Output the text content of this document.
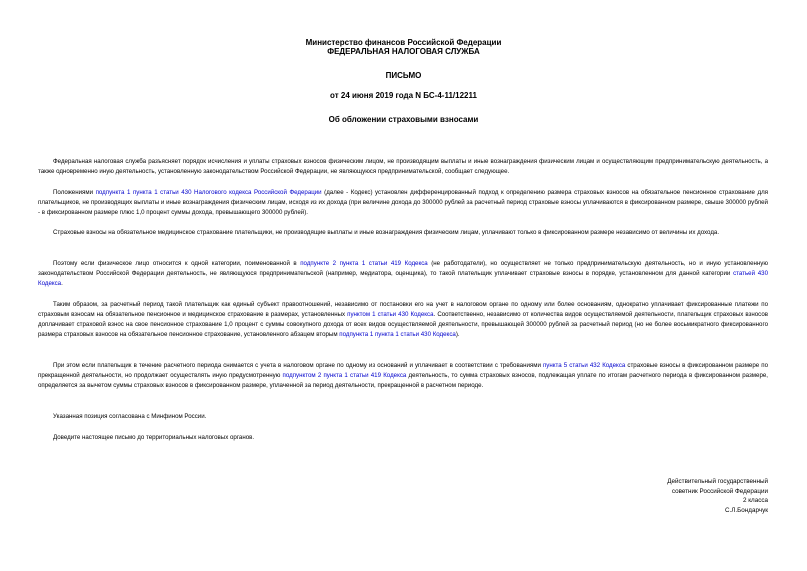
Министерство финансов Российской Федерации
ФЕДЕРАЛЬНАЯ НАЛОГОВАЯ СЛУЖБА
ПИСЬМО
от 24 июня 2019 года N БС-4-11/12211
Об обложении страховыми взносами
Федеральная налоговая служба разъясняет порядок исчисления и уплаты страховых взносов физическим лицом, не производящим выплаты и иные вознаграждения физическим лицам и осуществляющим предпринимательскую деятельность, а также одновременно иную деятельность, установленную законодательством Российской Федерации, не являющуюся предпринимательской, сообщает следующее.
Положениями подпункта 1 пункта 1 статьи 430 Налогового кодекса Российской Федерации (далее - Кодекс) установлен дифференцированный подход к определению размера страховых взносов на обязательное пенсионное страхование для плательщиков, не производящих выплаты и иные вознаграждения физическим лицам, исходя из их дохода (при величине дохода до 300000 рублей за расчетный период страховые взносы уплачиваются в фиксированном размере, свыше 300000 рублей - в фиксированном размере плюс 1,0 процент суммы дохода, превышающего 300000 рублей).
Страховые взносы на обязательное медицинское страхование плательщики, не производящие выплаты и иные вознаграждения физическим лицам, уплачивают только в фиксированном размере независимо от величины их дохода.
Поэтому если физическое лицо относится к одной категории, поименованной в подпункте 2 пункта 1 статьи 419 Кодекса (не работодатели), но осуществляет не только предпринимательскую деятельность, но и иную установленную законодательством Российской Федерации деятельность, не являющуюся предпринимательской (например, медиатора, оценщика), то такой плательщик уплачивает страховые взносы в порядке, установленном для данной категории статьей 430 Кодекса.
Таким образом, за расчетный период такой плательщик как единый субъект правоотношений, независимо от постановки его на учет в налоговом органе по одному или более основаниям, однократно уплачивает фиксированные платежи по страховым взносам на обязательное пенсионное и медицинское страхование в размерах, установленных пунктом 1 статьи 430 Кодекса. Соответственно, независимо от количества видов осуществляемой деятельности, плательщик страховых взносов доплачивает страховой взнос на свое пенсионное страхование 1,0 процент с суммы совокупного дохода от всех видов осуществляемой деятельности, превышающей 300000 рублей за расчетный период (но не более восьмикратного фиксированного размера страховых взносов на обязательное пенсионное страхование, установленного абзацем вторым подпункта 1 пункта 1 статьи 430 Кодекса).
При этом если плательщик в течение расчетного периода снимается с учета в налоговом органе по одному из оснований и уплачивает в соответствии с требованиями пункта 5 статьи 432 Кодекса страховые взносы в фиксированном размере по прекращенной деятельности, но продолжает осуществлять иную предусмотренную подпунктом 2 пункта 1 статьи 419 Кодекса деятельность, то сумма страховых взносов, подлежащая уплате по итогам расчетного периода в фиксированном размере, определяется за вычетом суммы страховых взносов в фиксированном размере, уплаченной за период деятельности, прекращенной в расчетном периоде.
Указанная позиция согласована с Минфином России.
Доведите настоящее письмо до территориальных налоговых органов.
Действительный государственный
советник Российской Федерации
2 класса
С.Л.Бондарчук
